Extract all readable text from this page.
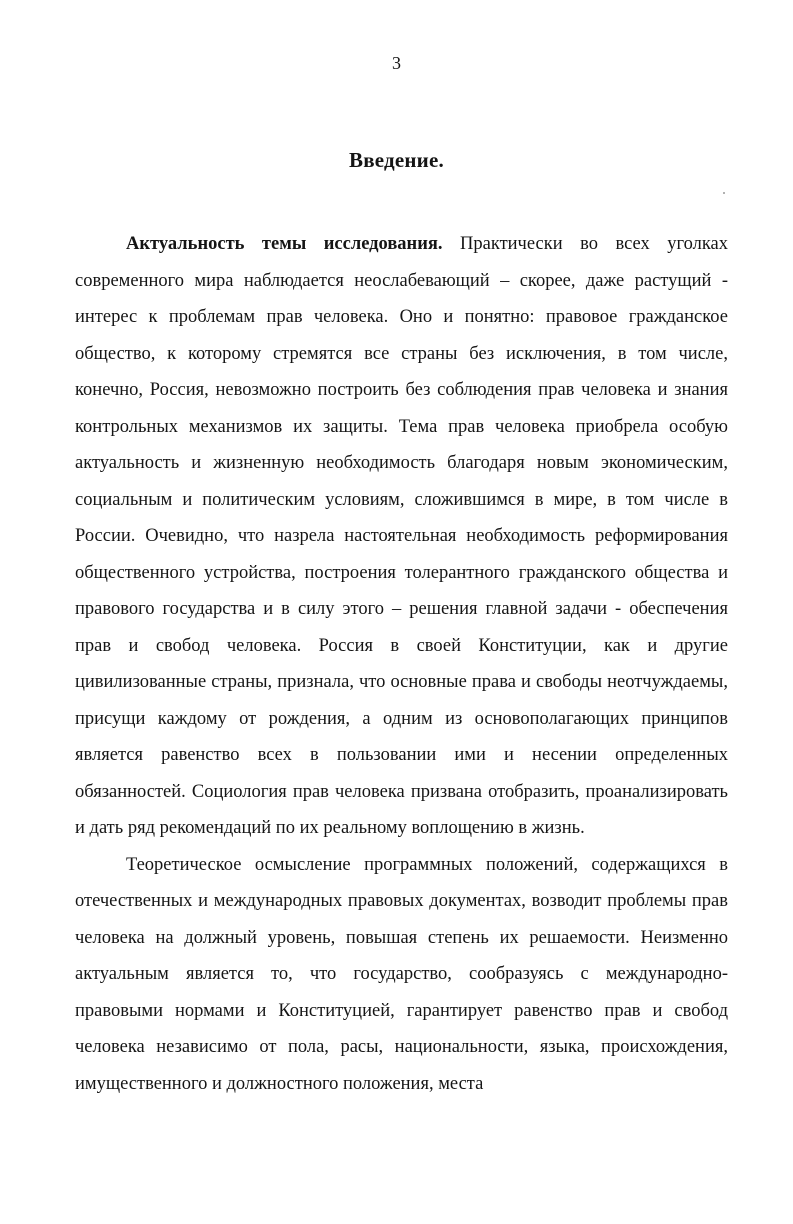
3
Введение.

Актуальность темы исследования. Практически во всех уголках современного мира наблюдается неослабевающий – скорее, даже растущий - интерес к проблемам прав человека. Оно и понятно: правовое гражданское общество, к которому стремятся все страны без исключения, в том числе, конечно, Россия, невозможно построить без соблюдения прав человека и знания контрольных механизмов их защиты. Тема прав человека приобрела особую актуальность и жизненную необходимость благодаря новым экономическим, социальным и политическим условиям, сложившимся в мире, в том числе в России. Очевидно, что назрела настоятельная необходимость реформирования общественного устройства, построения толерантного гражданского общества и правового государства и в силу этого – решения главной задачи - обеспечения прав и свобод человека. Россия в своей Конституции, как и другие цивилизованные страны, признала, что основные права и свободы неотчуждаемы, присущи каждому от рождения, а одним из основополагающих принципов является равенство всех в пользовании ими и несении определенных обязанностей. Социология прав человека призвана отобразить, проанализировать и дать ряд рекомендаций по их реальному воплощению в жизнь.

Теоретическое осмысление программных положений, содержащихся в отечественных и международных правовых документах, возводит проблемы прав человека на должный уровень, повышая степень их решаемости. Неизменно актуальным является то, что государство, сообразуясь с международно-правовыми нормами и Конституцией, гарантирует равенство прав и свобод человека независимо от пола, расы, национальности, языка, происхождения, имущественного и должностного положения, места
